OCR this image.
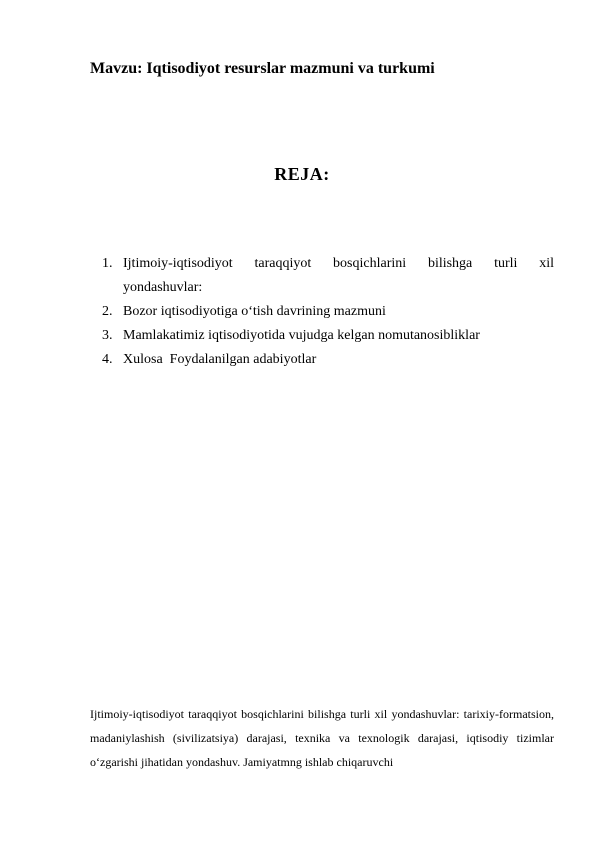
Mavzu: Iqtisodiyot resurslar mazmuni va turkumi
REJA:
1. Ijtimoiy-iqtisodiyot taraqqiyot bosqichlarini bilishga turli xil
yondashuvlar:
2. Bozor iqtisodiyotiga o‘tish davrining mazmuni
3. Mamlakatimiz iqtisodiyotida vujudga kelgan nomutanosibliklar
4. Xulosa  Foydalanilgan adabiyotlar

Ijtimoiy-iqtisodiyot taraqqiyot bosqichlarini bilishga turli xil yondashuvlar: tarixiy-formatsion, madaniylashish (sivilizatsiya) darajasi, texnika va texnologik darajasi, iqtisodiy tizimlar o‘zgarishi jihatidan yondashuv. Jamiyatmng ishlab chiqaruvchi
